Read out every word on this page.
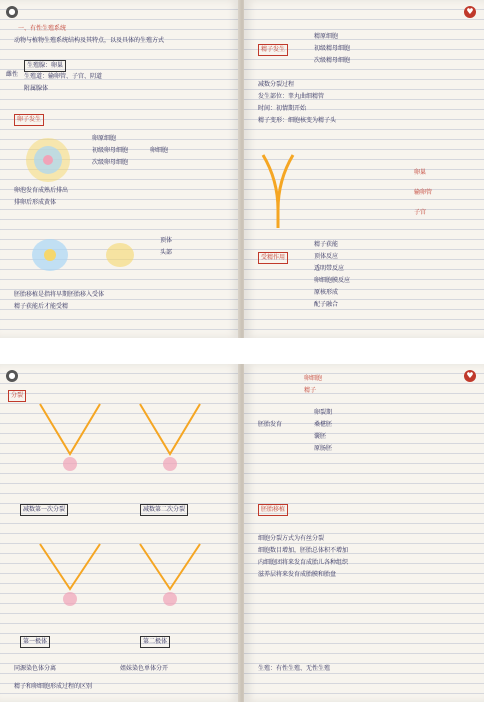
●
一、有性生殖系统
动物与植物生殖系统结构及其特点，以及具体的生殖方式
生殖腺：卵巢
生殖道：输卵管、子宫、阴道
附属腺体
雌性
卵子发生
卵原细胞
初级卵母细胞
次级卵母细胞
卵细胞
卵泡发育成熟后排出
排卵后形成黄体
顶体
头部
胚胎移植是指将早期胚胎移入受体
精子获能后才能受精
♥
精子发生
精原细胞
初级精母细胞
次级精母细胞
减数分裂过程
发生部位：睾丸曲细精管
时间：初情期开始
精子变形：细胞核变为精子头
卵巢
输卵管
子宫
受精作用
精子获能
顶体反应
透明带反应
卵细胞膜反应
原核形成
配子融合
●
分裂
减数第一次分裂	减数第二次分裂
第一极体	第二极体
同源染色体分离	姐妹染色单体分开
精子和卵细胞形成过程的区别
♥
卵细胞
精子
胚胎发育
卵裂期
桑椹胚
囊胚
原肠胚
胚胎移植
细胞分裂方式为有丝分裂
细胞数目增加，胚胎总体积不增加
内细胞团将来发育成胎儿各种组织
滋养层将来发育成胎膜和胎盘
生殖：有性生殖、无性生殖
